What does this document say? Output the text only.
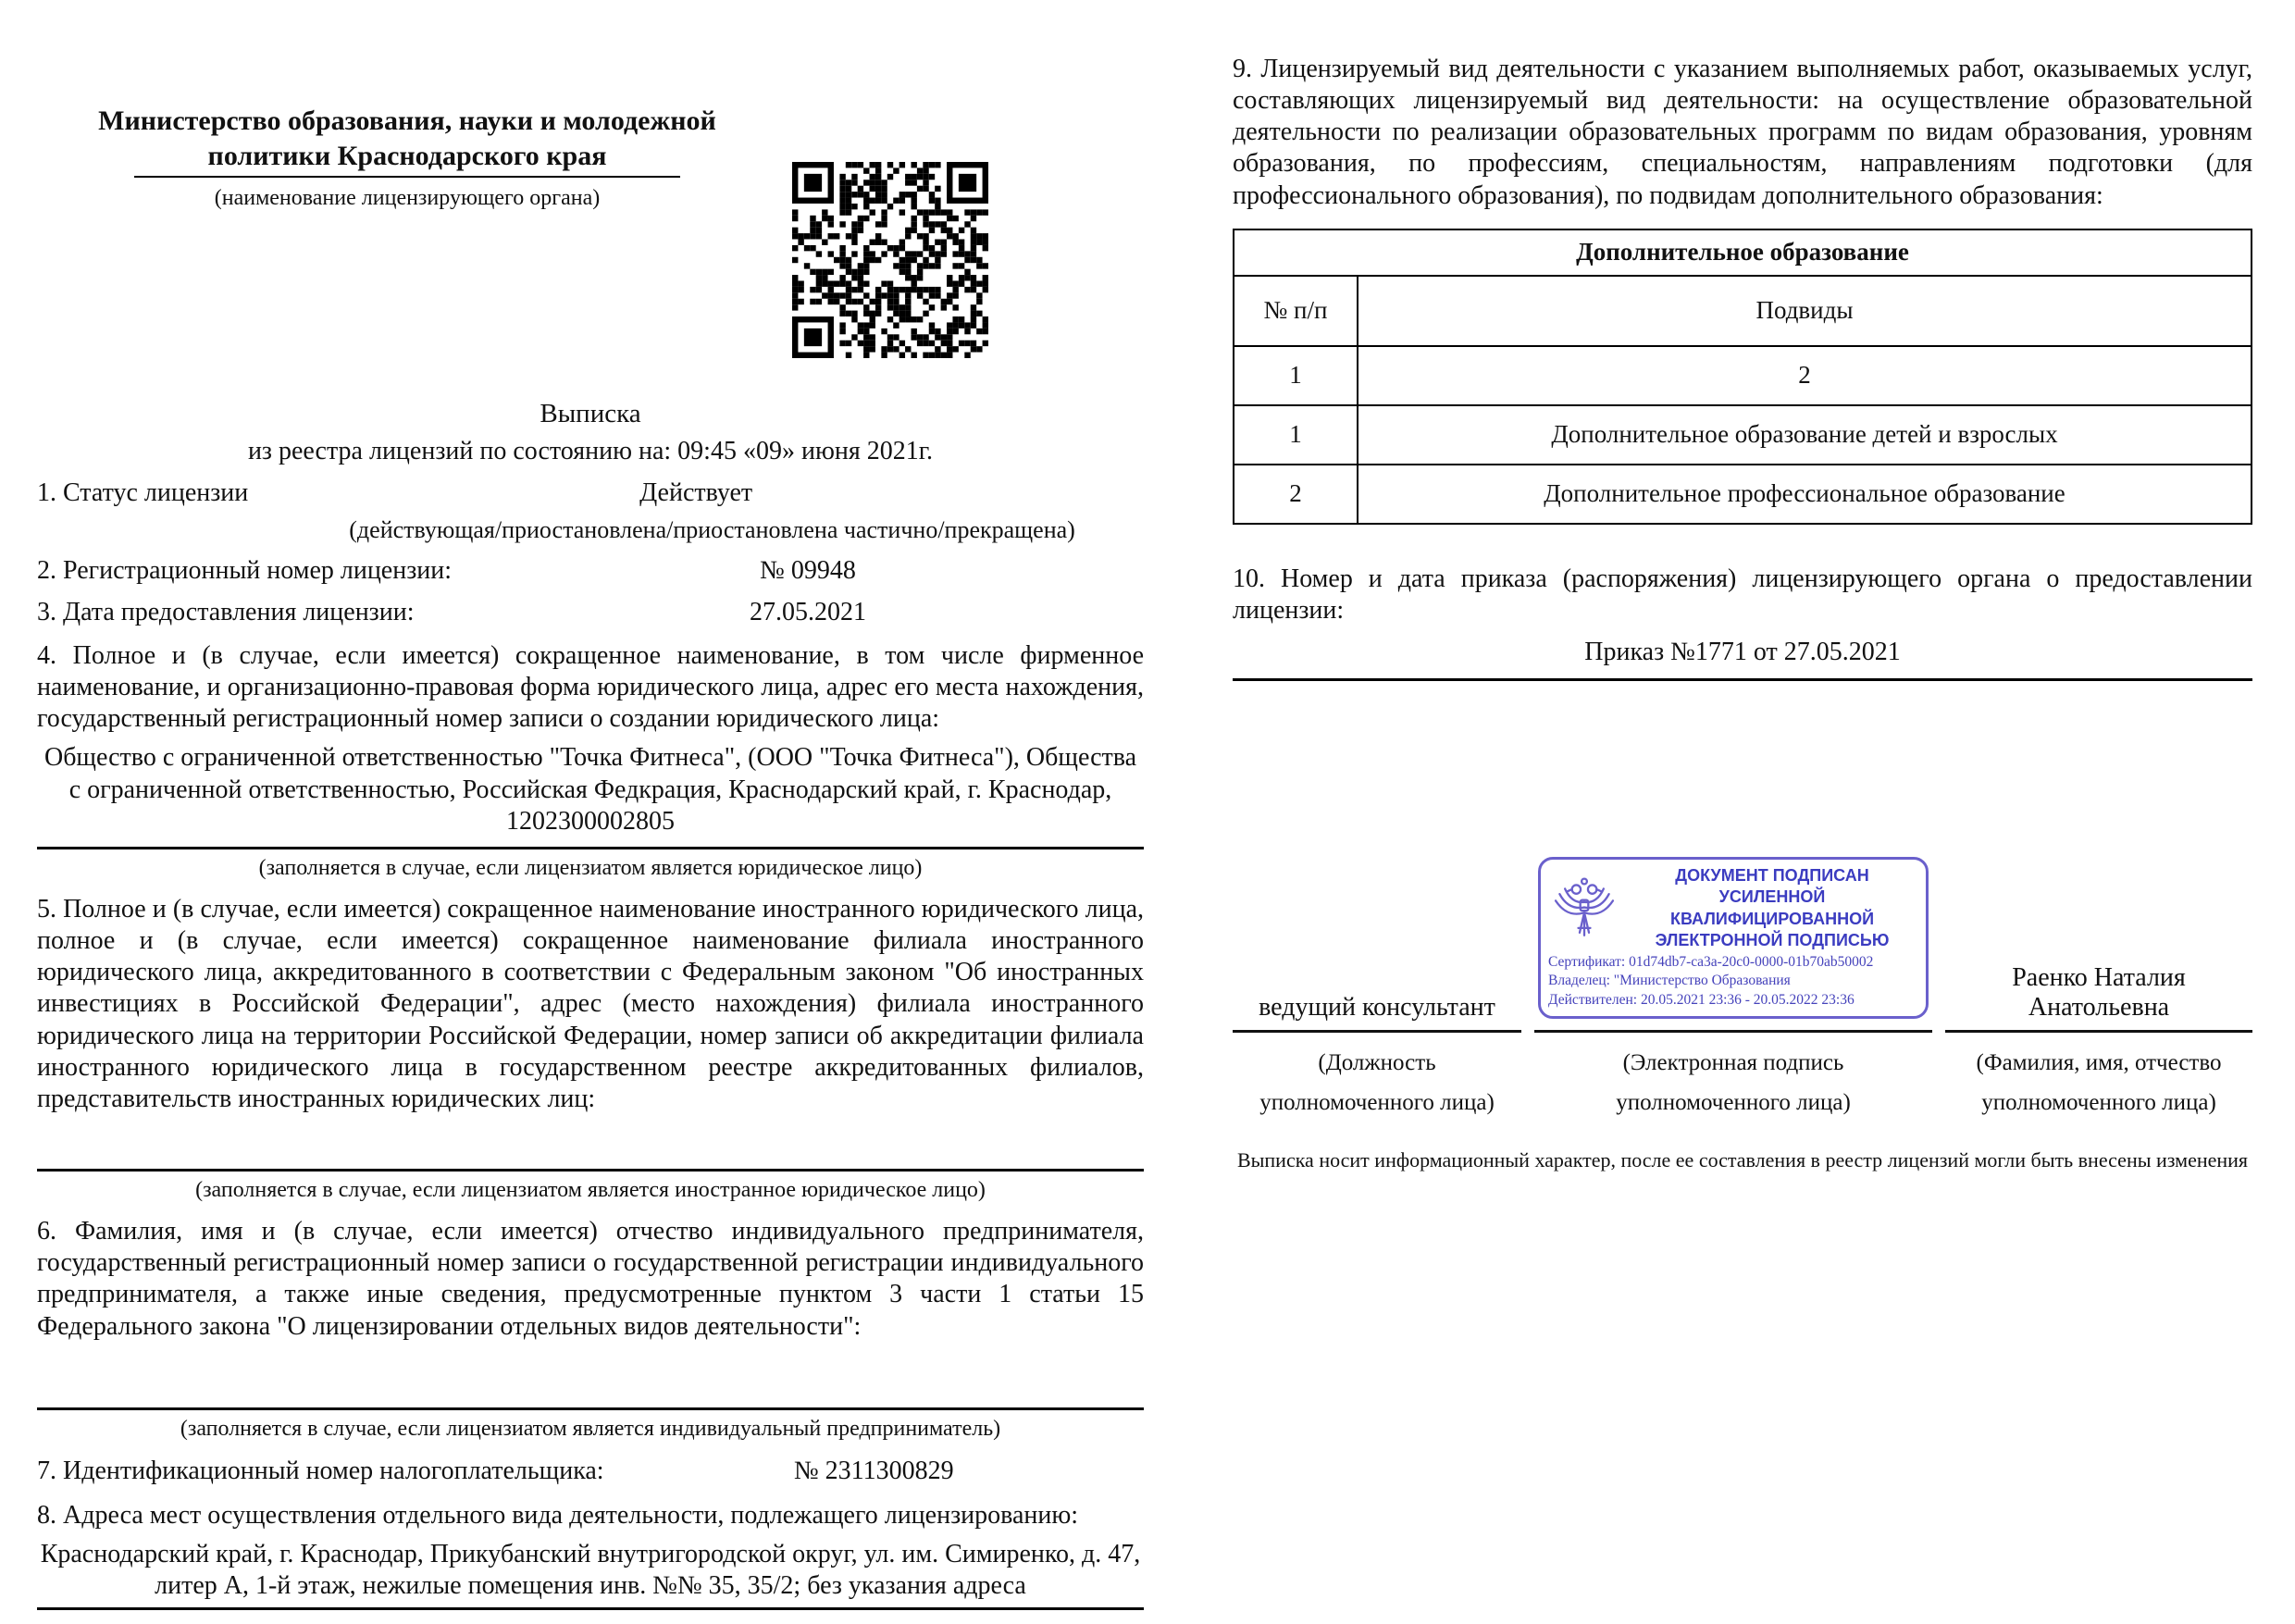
Министерство образования, науки и молодежной политики Краснодарского края
(наименование лицензирующего органа)
Выписка
из реестра лицензий по состоянию на: 09:45 «09» июня 2021г.
1. Статус лицензии	Действует
(действующая/приостановлена/приостановлена частично/прекращена)
2. Регистрационный номер лицензии:	№ 09948
3. Дата предоставления лицензии:	27.05.2021
4. Полное и (в случае, если имеется) сокращенное наименование, в том числе фирменное наименование, и организационно-правовая форма юридического лица, адрес его места нахождения, государственный регистрационный номер записи о создании юридического лица:
Общество с ограниченной ответственностью "Точка Фитнеса", (ООО "Точка Фитнеса"), Общества с ограниченной ответственностью, Российская Федкрация, Краснодарский край, г. Краснодар, 1202300002805
(заполняется в случае, если лицензиатом является юридическое лицо)
5. Полное и (в случае, если имеется) сокращенное наименование иностранного юридического лица, полное и (в случае, если имеется) сокращенное наименование филиала иностранного юридического лица, аккредитованного в соответствии с Федеральным законом "Об иностранных инвестициях в Российской Федерации", адрес (место нахождения) филиала иностранного юридического лица на территории Российской Федерации, номер записи об аккредитации филиала иностранного юридического лица в государственном реестре аккредитованных филиалов, представительств иностранных юридических лиц:
(заполняется в случае, если лицензиатом является иностранное юридическое лицо)
6. Фамилия, имя и (в случае, если имеется) отчество индивидуального предпринимателя, государственный регистрационный номер записи о государственной регистрации индивидуального предпринимателя, а также иные сведения, предусмотренные пунктом 3 части 1 статьи 15 Федерального закона "О лицензировании отдельных видов деятельности":
(заполняется в случае, если лицензиатом является индивидуальный предприниматель)
7. Идентификационный номер налогоплательщика:	№ 2311300829
8. Адреса мест осуществления отдельного вида деятельности, подлежащего лицензированию:
Краснодарский край, г. Краснодар, Прикубанский внутригородской округ, ул. им. Симиренко, д. 47, литер А, 1-й этаж, нежилые помещения инв. №№ 35, 35/2; без указания адреса
9. Лицензируемый вид деятельности с указанием выполняемых работ, оказываемых услуг, составляющих лицензируемый вид деятельности: на осуществление образовательной деятельности по реализации образовательных программ по видам образования, уровням образования, по профессиям, специальностям, направлениям подготовки (для профессионального образования), по подвидам дополнительного образования:
Дополнительное образование	
№ п/п	Подвиды
1	2
1	Дополнительное образование детей и взрослых
2	Дополнительное профессиональное образование
10. Номер и дата приказа (распоряжения) лицензирующего органа о предоставлении лицензии:
Приказ №1771 от 27.05.2021
ведущий консультант
ДОКУМЕНТ ПОДПИСАН
УСИЛЕННОЙ КВАЛИФИЦИРОВАННОЙ
ЭЛЕКТРОННОЙ ПОДПИСЬЮ
Сертификат: 01d74db7-ca3a-20c0-0000-01b70ab50002
Владелец: "Министерство Образования
Действителен: 20.05.2021 23:36 - 20.05.2022 23:36
Раенко Наталия Анатольевна
(Должность уполномоченного лица)
(Электронная подпись уполномоченного лица)
(Фамилия, имя, отчество уполномоченного лица)
Выписка носит информационный характер, после ее составления в реестр лицензий могли быть внесены изменения
